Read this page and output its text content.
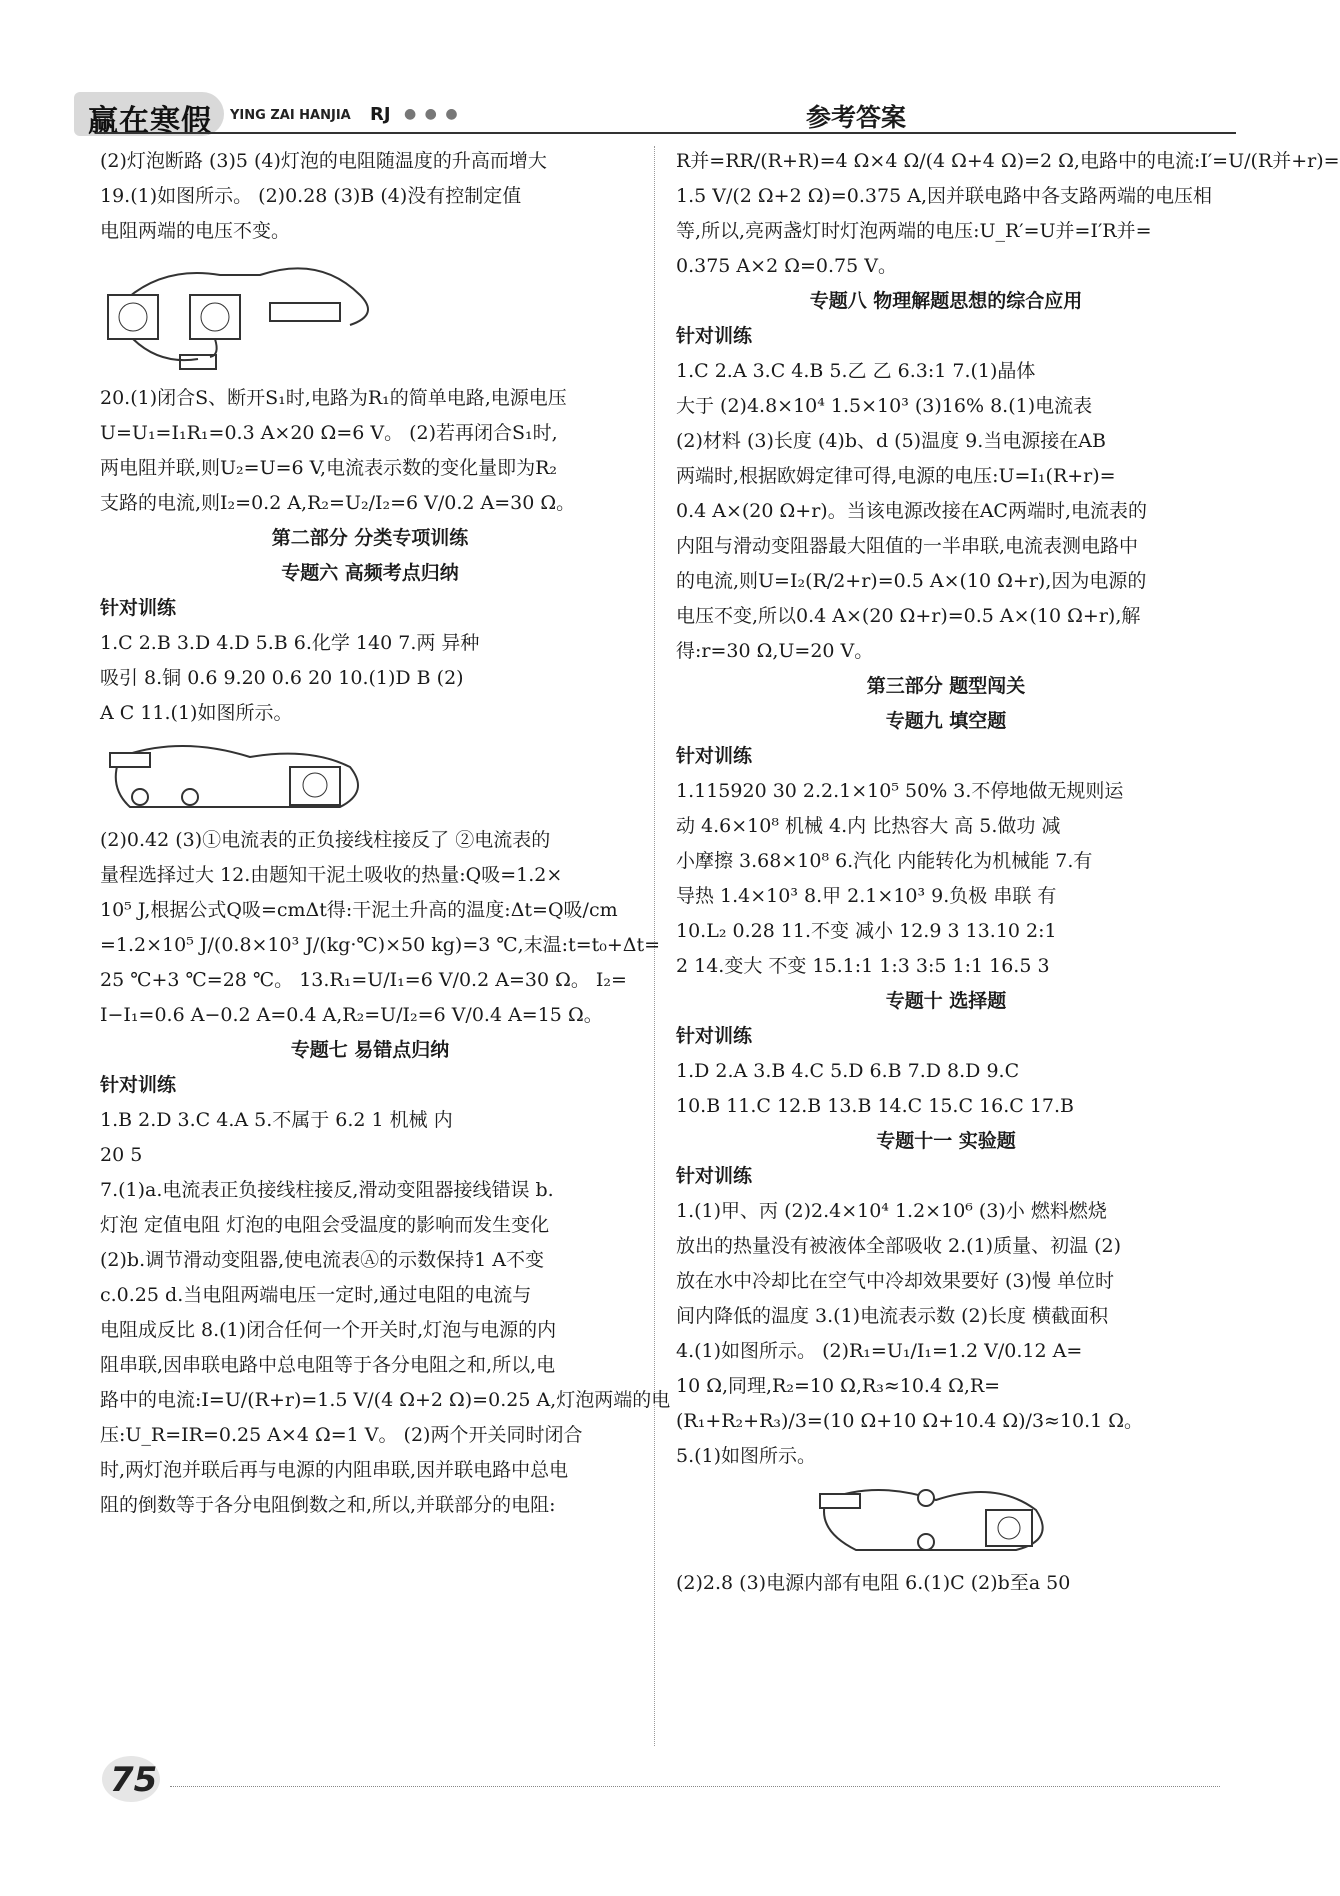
赢在寒假 YING ZAI HANJIA RJ ● ● ●	参考答案
(2)灯泡断路 (3)5 (4)灯泡的电阻随温度的升高而增大
19.(1)如图所示。 (2)0.28 (3)B (4)没有控制定值
电阻两端的电压不变。
20.(1)闭合S、断开S₁时,电路为R₁的简单电路,电源电压
U=U₁=I₁R₁=0.3 A×20 Ω=6 V。 (2)若再闭合S₁时,
两电阻并联,则U₂=U=6 V,电流表示数的变化量即为R₂
支路的电流,则I₂=0.2 A,R₂=U₂/I₂=6 V/0.2 A=30 Ω。
第二部分 分类专项训练
专题六 高频考点归纳
针对训练
1.C 2.B 3.D 4.D 5.B 6.化学 140 7.两 异种
吸引 8.铜 0.6 9.20 0.6 20 10.(1)D B (2)
A C 11.(1)如图所示。
(2)0.42 (3)①电流表的正负接线柱接反了 ②电流表的
量程选择过大 12.由题知干泥土吸收的热量:Q吸=1.2×
10⁵ J,根据公式Q吸=cmΔt得:干泥土升高的温度:Δt=Q吸/cm
=1.2×10⁵ J/(0.8×10³ J/(kg·℃)×50 kg)=3 ℃,末温:t=t₀+Δt=
25 ℃+3 ℃=28 ℃。 13.R₁=U/I₁=6 V/0.2 A=30 Ω。 I₂=
I−I₁=0.6 A−0.2 A=0.4 A,R₂=U/I₂=6 V/0.4 A=15 Ω。
专题七 易错点归纳
针对训练
1.B 2.D 3.C 4.A 5.不属于 6.2 1 机械 内
20 5
7.(1)a.电流表正负接线柱接反,滑动变阻器接线错误 b.
灯泡 定值电阻 灯泡的电阻会受温度的影响而发生变化
(2)b.调节滑动变阻器,使电流表Ⓐ的示数保持1 A不变
c.0.25 d.当电阻两端电压一定时,通过电阻的电流与
电阻成反比 8.(1)闭合任何一个开关时,灯泡与电源的内
阻串联,因串联电路中总电阻等于各分电阻之和,所以,电
路中的电流:I=U/(R+r)=1.5 V/(4 Ω+2 Ω)=0.25 A,灯泡两端的电
压:U_R=IR=0.25 A×4 Ω=1 V。 (2)两个开关同时闭合
时,两灯泡并联后再与电源的内阻串联,因并联电路中总电
阻的倒数等于各分电阻倒数之和,所以,并联部分的电阻:
R并=RR/(R+R)=4 Ω×4 Ω/(4 Ω+4 Ω)=2 Ω,电路中的电流:I′=U/(R并+r)=
1.5 V/(2 Ω+2 Ω)=0.375 A,因并联电路中各支路两端的电压相
等,所以,亮两盏灯时灯泡两端的电压:U_R′=U并=I′R并=
0.375 A×2 Ω=0.75 V。
专题八 物理解题思想的综合应用
针对训练
1.C 2.A 3.C 4.B 5.乙 乙 6.3:1 7.(1)晶体
大于 (2)4.8×10⁴ 1.5×10³ (3)16% 8.(1)电流表
(2)材料 (3)长度 (4)b、d (5)温度 9.当电源接在AB
两端时,根据欧姆定律可得,电源的电压:U=I₁(R+r)=
0.4 A×(20 Ω+r)。当该电源改接在AC两端时,电流表的
内阻与滑动变阻器最大阻值的一半串联,电流表测电路中
的电流,则U=I₂(R/2+r)=0.5 A×(10 Ω+r),因为电源的
电压不变,所以0.4 A×(20 Ω+r)=0.5 A×(10 Ω+r),解
得:r=30 Ω,U=20 V。
第三部分 题型闯关
专题九 填空题
针对训练
1.115920 30 2.2.1×10⁵ 50% 3.不停地做无规则运
动 4.6×10⁸ 机械 4.内 比热容大 高 5.做功 减
小摩擦 3.68×10⁸ 6.汽化 内能转化为机械能 7.有
导热 1.4×10³ 8.甲 2.1×10³ 9.负极 串联 有
10.L₂ 0.28 11.不变 减小 12.9 3 13.10 2:1
2 14.变大 不变 15.1:1 1:3 3:5 1:1 16.5 3
专题十 选择题
针对训练
1.D 2.A 3.B 4.C 5.D 6.B 7.D 8.D 9.C
10.B 11.C 12.B 13.B 14.C 15.C 16.C 17.B
专题十一 实验题
针对训练
1.(1)甲、丙 (2)2.4×10⁴ 1.2×10⁶ (3)小 燃料燃烧
放出的热量没有被液体全部吸收 2.(1)质量、初温 (2)
放在水中冷却比在空气中冷却效果要好 (3)慢 单位时
间内降低的温度 3.(1)电流表示数 (2)长度 横截面积
4.(1)如图所示。 (2)R₁=U₁/I₁=1.2 V/0.12 A=
10 Ω,同理,R₂=10 Ω,R₃≈10.4 Ω,R=
(R₁+R₂+R₃)/3=(10 Ω+10 Ω+10.4 Ω)/3≈10.1 Ω。
5.(1)如图所示。
(2)2.8 (3)电源内部有电阻 6.(1)C (2)b至a 50
75
